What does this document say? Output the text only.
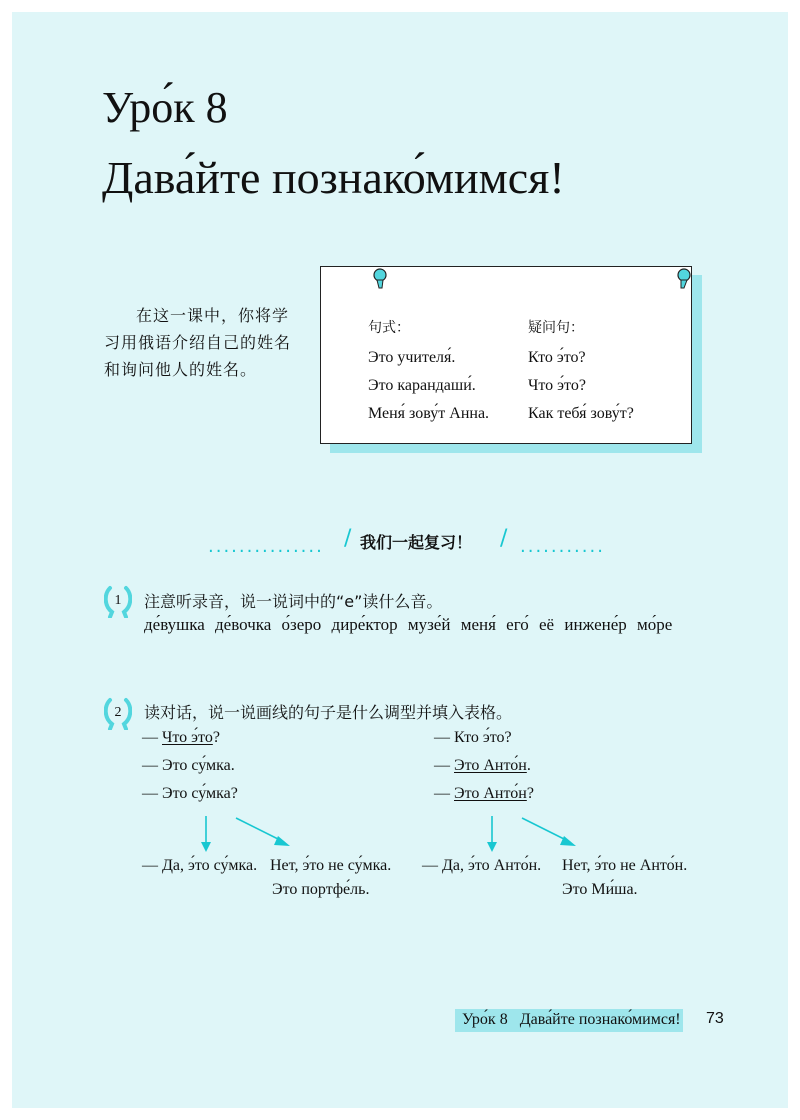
Уро́к 8
Дава́йте познако́мимся!
在这一课中，你将学习用俄语介绍自己的姓名和询问他人的姓名。
句式：
Это учителя́.
Это карандаши́.
Меня́ зову́т Анна.
疑问句：
Кто э́то?
Что э́то?
Как тебя́ зову́т?
............... / 我们一起复习！ / ...........
1	注意听录音，说一说词中的“е”读什么音。
де́вушка де́вочка о́зеро дире́ктор музе́й меня́ его́ её инжене́р мо́ре
2	读对话，说一说画线的句子是什么调型并填入表格。
— Что э́то?
— Это су́мка.
— Это су́мка?
— Кто э́то?
— Это Анто́н.
— Это Анто́н?
— Да, э́то су́мка. Нет, э́то не су́мка.
Это портфе́ль.
— Да, э́то Анто́н. Нет, э́то не Анто́н.
Это Ми́ша.
Уро́к 8 Дава́йте познако́мимся! 73
